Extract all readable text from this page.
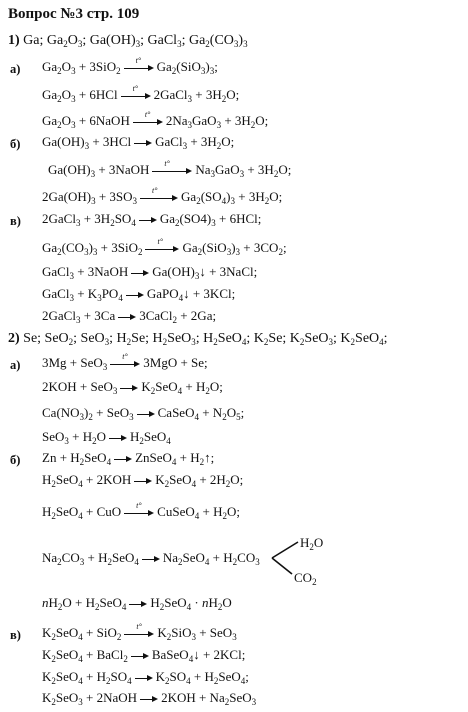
Вопрос №3 стр. 109
1) Ga; $Ga_2O_3$; $Ga(OH)_3$; GaCl$_3$; $Ga_2(CO_3)_3$
а) $Ga_2O_3 + 3SiO_2$
t° $Ga_2(SiO_3)_3$;
$Ga_2O_3 + 6HCl$ t° 2GaCl$_3$ + $3H_2O$;
$Ga_2O_3$ + 6NaOH t° $2Na_3GaO_3 + 3H_2O$;
б) $Ga(OH)_3 + 3HCl$ GaCl$_3$ + $3H_2O$;
$Ga(OH)_3$ + 3NaOH t° $Na_3GaO_3 + 3H_2O$;
$2Ga(OH)_3 + 3SO_3$
t° $Ga_2(SO_4)_3 + 3H_2O$;
в) 2GaCl$_3$ + $3H_2SO_4$ $Ga_2(SO4)_3 + 6HCl$;
$Ga_2(CO_3)_3 + 3SiO_2$
t° $Ga_2(SiO_3)_3 + 3CO_2$;
GaCl$_3$ + 3NaOH $Ga(OH)_3↓$ + 3NaCl;
GaCl$_3$ + $K_3PO_4$ GaPO$_4$↓ + 3KCl;
2GaCl$_3$ + 3Ca 3CaCl$_2$ + 2Ga;
2) Se; SeO$_2$; SeO$_3$; $H_2Se$; $H_2SeO_3$; $H_2SeO_4$; $K_2Se$; $K_2SeO_3$; $K_2SeO_4$;
а) 3Mg + SeO$_3$
t° 3MgO + Se;
2KOH + SeO$_3$ $K_2SeO_4 + H_2O$;
$Ca(NO_3)_2 + SeO_3$ CaSeO$_4$ + $N_2O_5$;
$SeO_3 + H_2O$ $H_2SeO_4$
б) $Zn + H_2SeO_4$ ZnSeO$_4$ + $H_2↑$;
$H_2SeO_4 + 2KOH$ $K_2SeO_4 + 2H_2O$;
$H_2SeO_4$ + CuO t° CuSeO$_4$ + $H_2O$;
$Na_2CO_3 + H_2SeO_4$ $Na_2SeO_4 + H_2CO_3$
$H_2O$
$CO_2$
$nH_2O + H_2SeO_4$ $H_2SeO_4 \cdot nH_2O$
в) $K_2SeO_4 + SiO_2$
t° $K_2SiO_3 + SeO_3$
$K_2SeO_4$ + BaCl$_2$ BaSeO$_4$↓ + 2KCl;
$K_2SeO_4 + H_2SO_4$ $K_2SO_4 + H_2SeO_4$;
$K_2SeO_3$ + 2NaOH $2KOH + Na_2SeO_3$
